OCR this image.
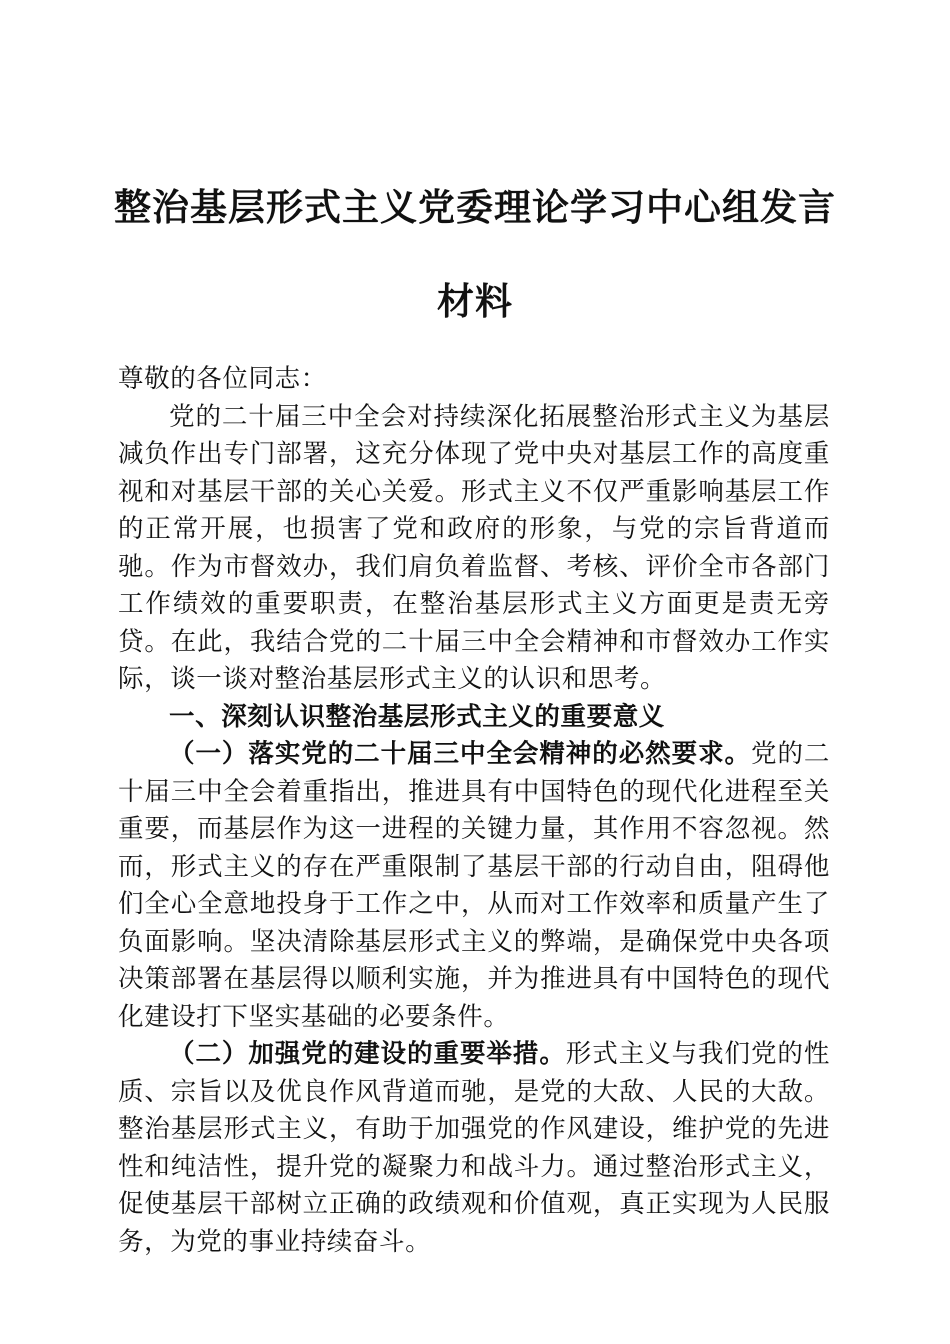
整治基层形式主义党委理论学习中心组发言材料

尊敬的各位同志：

党的二十届三中全会对持续深化拓展整治形式主义为基层减负作出专门部署，这充分体现了党中央对基层工作的高度重视和对基层干部的关心关爱。形式主义不仅严重影响基层工作的正常开展，也损害了党和政府的形象，与党的宗旨背道而驰。作为市督效办，我们肩负着监督、考核、评价全市各部门工作绩效的重要职责，在整治基层形式主义方面更是责无旁贷。在此，我结合党的二十届三中全会精神和市督效办工作实际，谈一谈对整治基层形式主义的认识和思考。

一、深刻认识整治基层形式主义的重要意义

（一）落实党的二十届三中全会精神的必然要求。党的二十届三中全会着重指出，推进具有中国特色的现代化进程至关重要，而基层作为这一进程的关键力量，其作用不容忽视。然而，形式主义的存在严重限制了基层干部的行动自由，阻碍他们全心全意地投身于工作之中，从而对工作效率和质量产生了负面影响。坚决清除基层形式主义的弊端，是确保党中央各项决策部署在基层得以顺利实施，并为推进具有中国特色的现代化建设打下坚实基础的必要条件。

（二）加强党的建设的重要举措。形式主义与我们党的性质、宗旨以及优良作风背道而驰，是党的大敌、人民的大敌。整治基层形式主义，有助于加强党的作风建设，维护党的先进性和纯洁性，提升党的凝聚力和战斗力。通过整治形式主义，促使基层干部树立正确的政绩观和价值观，真正实现为人民服务，为党的事业持续奋斗。
